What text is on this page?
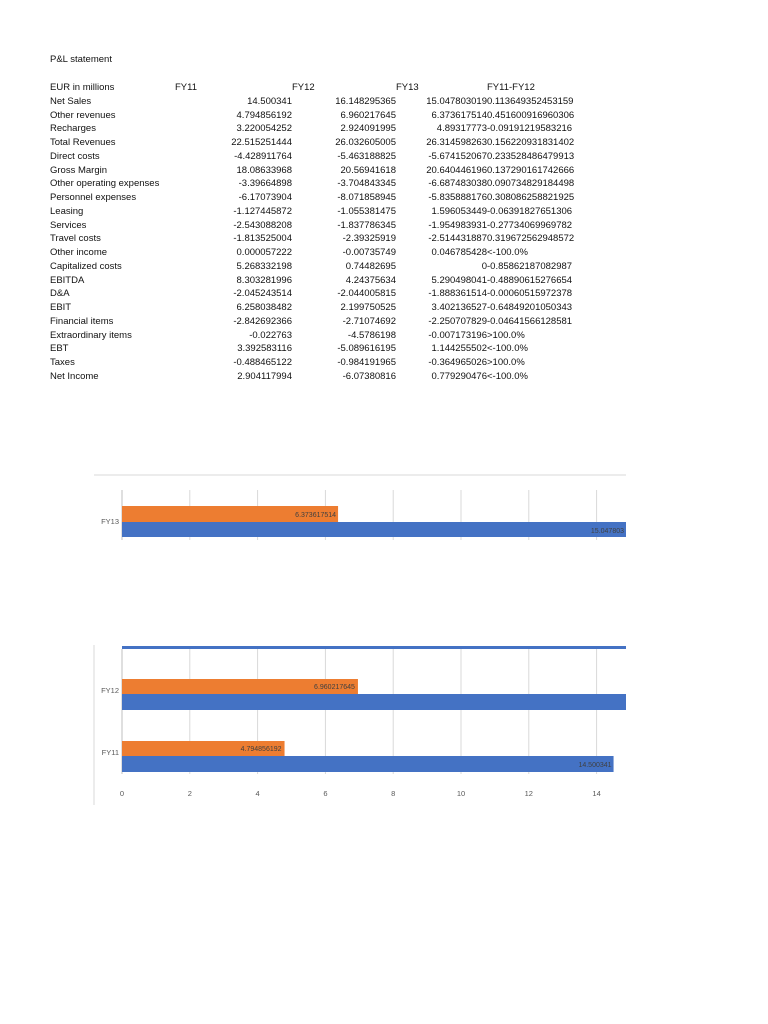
P&L statement
EUR in millions	FY11	FY12	FY13	FY11-FY12
Net Sales	14.500341	16.148295365	15.047803019	0.113649352453159
Other revenues	4.794856192	6.960217645	6.373617514	0.451600916960306
Recharges	3.220054252	2.924091995	4.89317773	-0.09191219583216
Total Revenues	22.515251444	26.032605005	26.314598263	0.156220931831402
Direct costs	-4.428911764	-5.463188825	-5.674152067	0.233528486479913
Gross Margin	18.08633968	20.56941618	20.640446196	0.137290161742666
Other operating expenses	-3.39664898	-3.704843345	-6.687483038	0.090734829184498
Personnel expenses	-6.17073904	-8.071858945	-5.835888176	0.308086258821925
Leasing	-1.127445872	-1.055381475	1.596053449	-0.06391827651306
Services	-2.543088208	-1.837786345	-1.954983931	-0.27734069969782
Travel costs	-1.813525004	-2.39325919	-2.514431887	0.319672562948572
Other income	0.000057222	-0.00735749	0.046785428	<-100.0%
Capitalized costs	5.268332198	0.74482695	0	-0.85862187082987
EBITDA	8.303281996	4.24375634	5.290498041	-0.48890615276654
D&A	-2.045243514	-2.044005815	-1.888361514	-0.00060515972378
EBIT	6.258038482	2.199750525	3.402136527	-0.64849201050343
Financial items	-2.842692366	-2.71074692	-2.250707829	-0.04641566128581
Extraordinary items	-0.022763	-4.5786198	-0.007173196	>100.0%
EBT	3.392583116	-5.089616195	1.144255502	<-100.0%
Taxes	-0.488465122	-0.984191965	-0.364965026	>100.0%
Net Income	2.904117994	-6.07380816	0.779290476	<-100.0%
FY13
6.373617514
15.047803
FY12	6.960217645
FY11	4.794856192
14.500341
0	2	4	6	8	10	12	14
